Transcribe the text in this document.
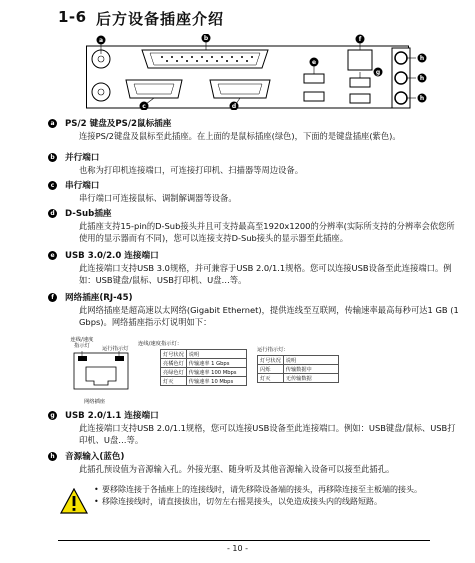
1-6 后方设备插座介绍
a	b
c	d
e
f
g
h
h
h
a PS/2 键盘及PS/2鼠标插座
连接PS/2键盘及鼠标至此插座。在上面的是鼠标插座(绿色)，下面的是键盘插座(紫色)。
b 并行端口
也称为打印机连接端口，可连接打印机、扫描器等周边设备。
c	串行端口
串行端口可连接鼠标、调制解调器等设备。
d D-Sub插座
此插座支持15-pin的D-Sub接头并且可支持最高至1920x1200的分辨率(实际所支持的分辨率会依您所使用的显示器而有不同)，您可以连接支持D-Sub接头的显示器至此插座。
e USB 3.0/2.0 连接端口
此连接端口支持USB 3.0规格，并可兼容于USB 2.0/1.1规格。您可以连接USB设备至此连接端口。例如：USB键盘/鼠标、USB打印机、U盘…等。
f	网络插座(RJ-45)
此网络插座是超高速以太网络(Gigabit Ethernet)，提供连线至互联网，传输速率最高每秒可达1 GB (1 Gbps)。网络插座指示灯说明如下：
连线/速度
指示灯	运行指示灯
网络插座
连线/速度指示灯：
灯号状况	说明
亮橘色灯	传输速率 1 Gbps
亮绿色灯	传输速率 100 Mbps
灯灭	传输速率 10 Mbps
运行指示灯：
灯号状况	说明
闪烁	传输数据中
灯灭	无传输数据
g USB 2.0/1.1 连接端口
此连接端口支持USB 2.0/1.1规格，您可以连接USB设备至此连接端口。例如：USB键盘/鼠标、USB打印机、U盘…等。
h 音源输入(蓝色)
此插孔预设值为音源输入孔。外接光驱、随身听及其他音源输入设备可以接至此插孔。
• 要移除连接于各插座上的连接线时，请先移除设备端的接头，再移除连接至主板端的接头。
• 移除连接线时，请直接拔出，切勿左右摇晃接头，以免造成接头内的线路短路。
- 10 -
